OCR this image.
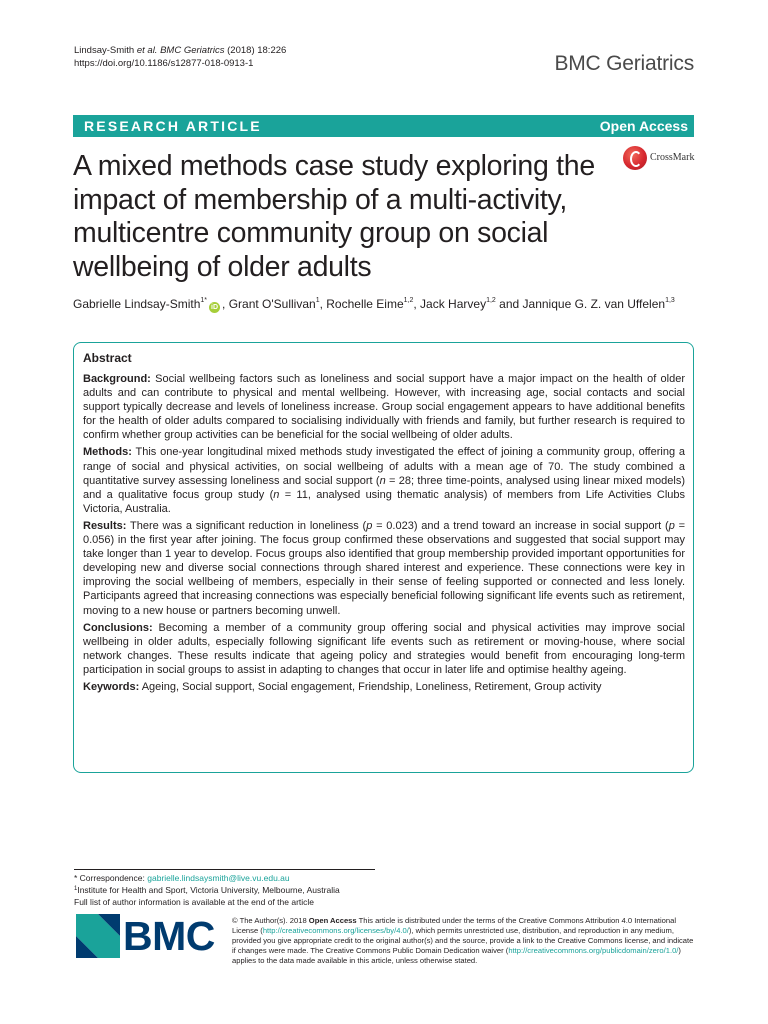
Lindsay-Smith et al. BMC Geriatrics (2018) 18:226
https://doi.org/10.1186/s12877-018-0913-1	BMC Geriatrics
RESEARCH ARTICLE	Open Access
A mixed methods case study exploring the impact of membership of a multi-activity, multicentre community group on social wellbeing of older adults
CrossMark
Gabrielle Lindsay-Smith$^{1*}$iD , Grant O'Sullivan$^1$, Rochelle Eime$^{1,2}$, Jack Harvey$^{1,2}$ and Jannique G. Z. van Uffelen$^{1,3}$
Abstract

Background: Social wellbeing factors such as loneliness and social support have a major impact on the health of older adults and can contribute to physical and mental wellbeing. However, with increasing age, social contacts and social support typically decrease and levels of loneliness increase. Group social engagement appears to have additional benefits for the health of older adults compared to socialising individually with friends and family, but further research is required to confirm whether group activities can be beneficial for the social wellbeing of older adults.

Methods: This one-year longitudinal mixed methods study investigated the effect of joining a community group, offering a range of social and physical activities, on social wellbeing of adults with a mean age of 70. The study combined a quantitative survey assessing loneliness and social support (n = 28; three time-points, analysed using linear mixed models) and a qualitative focus group study (n = 11, analysed using thematic analysis) of members from Life Activities Clubs Victoria, Australia.

Results: There was a significant reduction in loneliness (p = 0.023) and a trend toward an increase in social support (p = 0.056) in the first year after joining. The focus group confirmed these observations and suggested that social support may take longer than 1 year to develop. Focus groups also identified that group membership provided important opportunities for developing new and diverse social connections through shared interest and experience. These connections were key in improving the social wellbeing of members, especially in their sense of feeling supported or connected and less lonely. Participants agreed that increasing connections was especially beneficial following significant life events such as retirement, moving to a new house or partners becoming unwell.

Conclusions: Becoming a member of a community group offering social and physical activities may improve social wellbeing in older adults, especially following significant life events such as retirement or moving-house, where social network changes. These results indicate that ageing policy and strategies would benefit from encouraging long-term participation in social groups to assist in adapting to changes that occur in later life and optimise healthy ageing.

Keywords: Ageing, Social support, Social engagement, Friendship, Loneliness, Retirement, Group activity
* Correspondence: gabrielle.lindsaysmith@live.vu.edu.au
$^1$Institute for Health and Sport, Victoria University, Melbourne, Australia
Full list of author information is available at the end of the article
BMC © The Author(s). 2018 Open Access This article is distributed under the terms of the Creative Commons Attribution 4.0 International License (http://creativecommons.org/licenses/by/4.0/), which permits unrestricted use, distribution, and reproduction in any medium, provided you give appropriate credit to the original author(s) and the source, provide a link to the Creative Commons license, and indicate if changes were made. The Creative Commons Public Domain Dedication waiver (http://creativecommons.org/publicdomain/zero/1.0/) applies to the data made available in this article, unless otherwise stated.
